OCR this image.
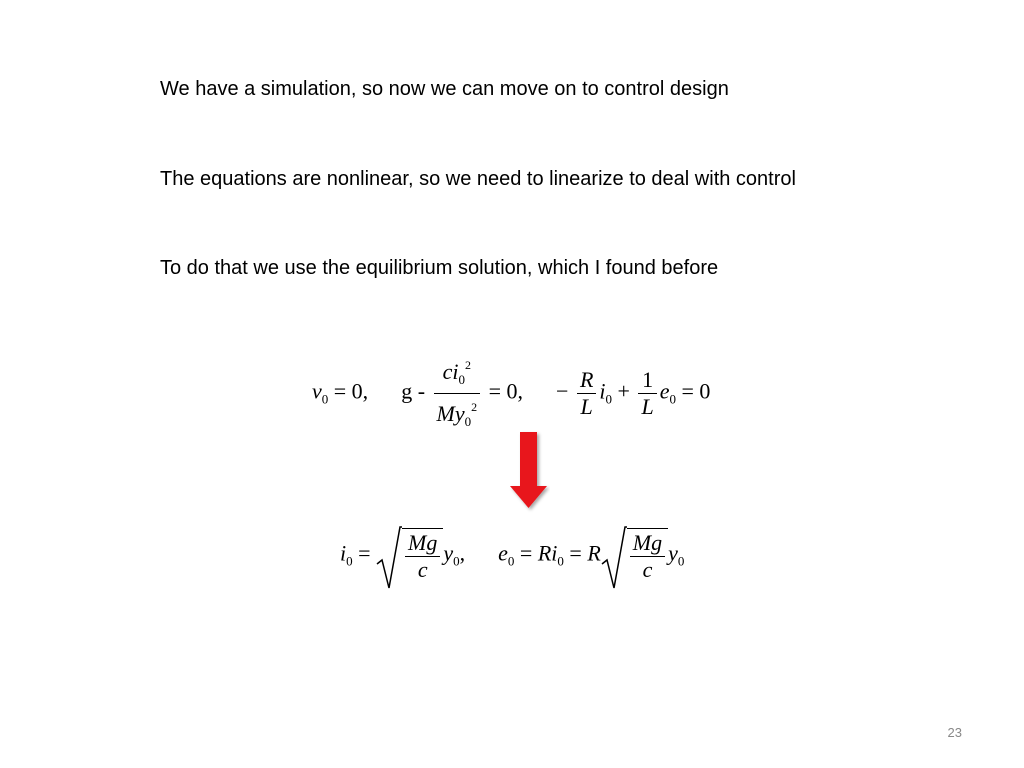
We have a simulation, so now we can move on to control design
The equations are nonlinear, so we need to linearize to deal with control
To do that we use the equilibrium solution, which I found before
$v_0 = 0$, $g - \frac{ci_0^2}{My_0^2} = 0$, − $\frac{R}{L} i_0 + \frac{1}{L} e_0 = 0$
$i_0 = \frac{Mg}{c} y_0$, $e_0 = Ri_0 = R \frac{Mg}{c} y_0$
23
